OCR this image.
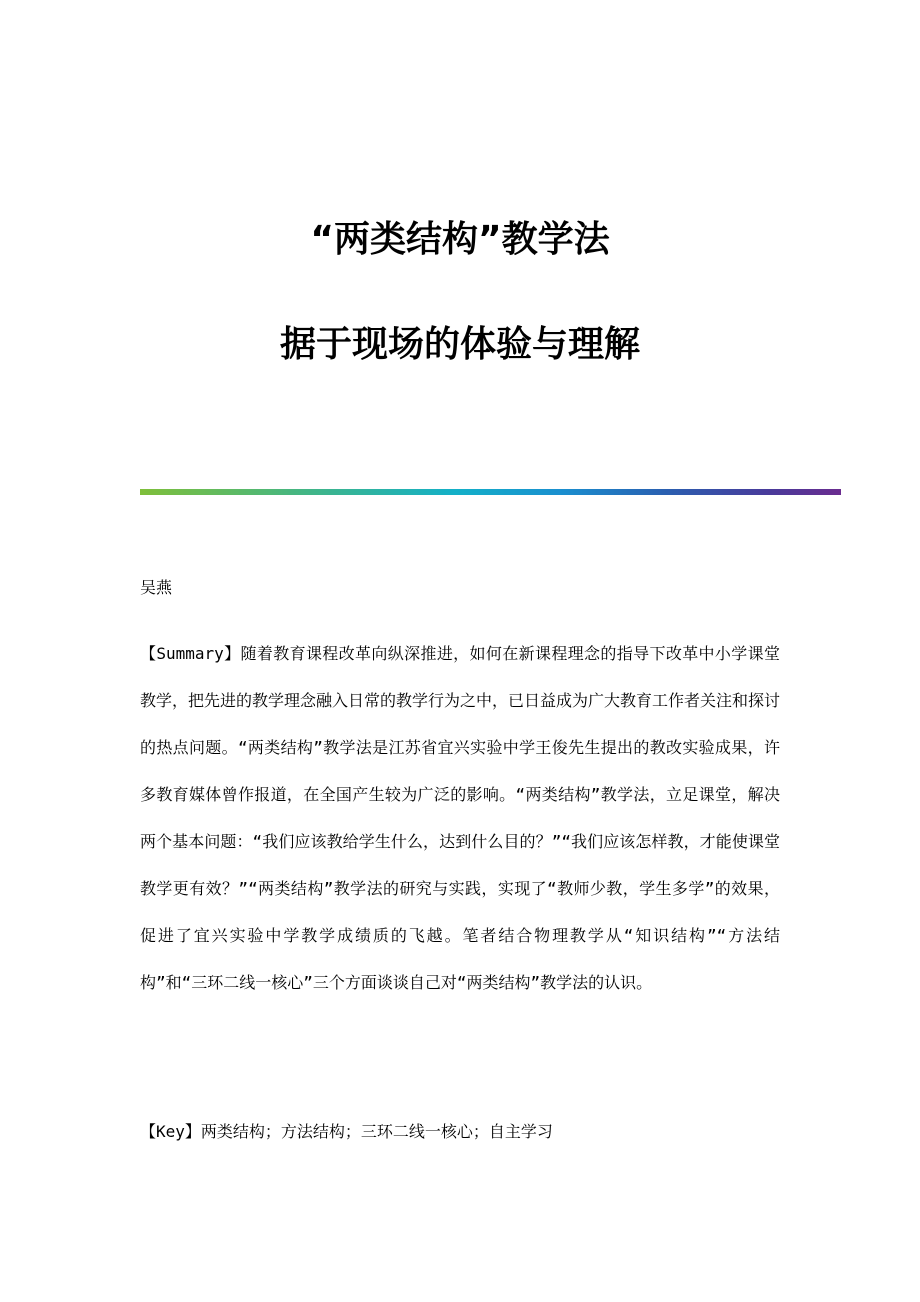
“两类结构”教学法
据于现场的体验与理解

吴燕

【Summary】随着教育课程改革向纵深推进，如何在新课程理念的指导下改革中小学课堂教学，把先进的教学理念融入日常的教学行为之中，已日益成为广大教育工作者关注和探讨的热点问题。“两类结构”教学法是江苏省宜兴实验中学王俊先生提出的教改实验成果，许多教育媒体曾作报道，在全国产生较为广泛的影响。“两类结构”教学法，立足课堂，解决两个基本问题：“我们应该教给学生什么，达到什么目的？”“我们应该怎样教，才能使课堂教学更有效？”“两类结构”教学法的研究与实践，实现了“教师少教，学生多学”的效果，促进了宜兴实验中学教学成绩质的飞越。笔者结合物理教学从“知识结构”“方法结构”和“三环二线一核心”三个方面谈谈自己对“两类结构”教学法的认识。

【Key】两类结构；方法结构；三环二线一核心；自主学习
